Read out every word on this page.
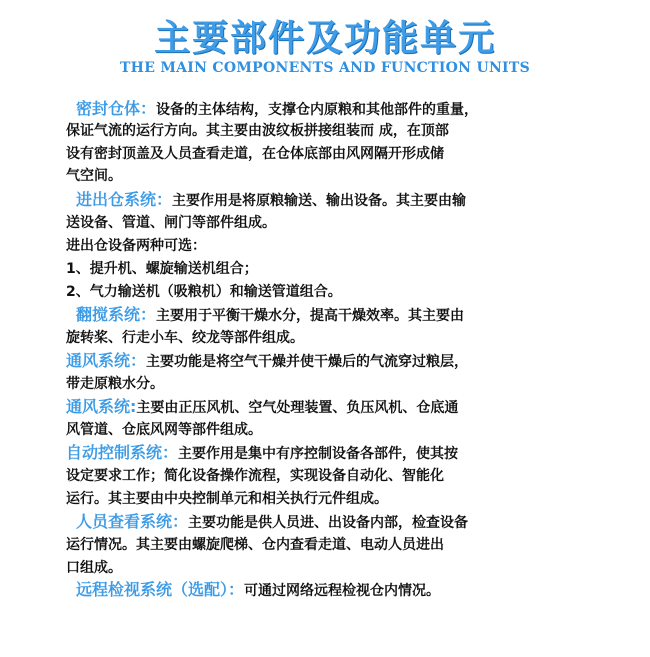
主要部件及功能单元

THE MAIN COMPONENTS AND FUNCTION UNITS

密封仓体：设备的主体结构，支撑仓内原粮和其他部件的重量，

保证气流的运行方向。其主要由波纹板拼接组装而 成，在顶部

设有密封顶盖及人员查看走道，在仓体底部由风网隔开形成储

气空间。

进出仓系统：主要作用是将原粮输送、输出设备。其主要由输

送设备、管道、闸门等部件组成。

进出仓设备两种可选：

1、提升机、螺旋输送机组合；

2、气力输送机（吸粮机）和输送管道组合。

翻搅系统：主要用于平衡干燥水分，提高干燥效率。其主要由

旋转桨、行走小车、绞龙等部件组成。

通风系统：主要功能是将空气干燥并使干燥后的气流穿过粮层，

带走原粮水分。

通风系统:主要由正压风机、空气处理装置、负压风机、仓底通

风管道、仓底风网等部件组成。

自动控制系统：主要作用是集中有序控制设备各部件，使其按

设定要求工作；简化设备操作流程，实现设备自动化、智能化

运行。其主要由中央控制单元和相关执行元件组成。

人员查看系统：主要功能是供人员进、出设备内部，检查设备

运行情况。其主要由螺旋爬梯、仓内查看走道、电动人员进出

口组成。

远程检视系统（选配）：可通过网络远程检视仓内情况。
